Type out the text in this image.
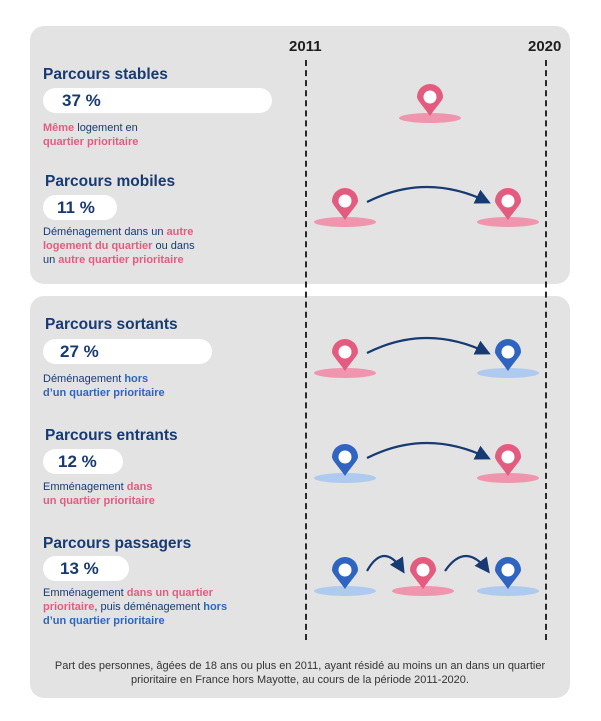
2011	2020
Parcours stables
37 %
Même logement en
quartier prioritaire
Parcours mobiles
11 %
Déménagement dans un autre
logement du quartier ou dans
un autre quartier prioritaire
Parcours sortants
27 %
Déménagement hors
d’un quartier prioritaire
Parcours entrants
12 %
Emménagement dans
un quartier prioritaire
Parcours passagers
13 %
Emménagement dans un quartier
prioritaire, puis déménagement hors
d’un quartier prioritaire
Part des personnes, âgées de 18 ans ou plus en 2011, ayant résidé au moins un an dans un quartier prioritaire en France hors Mayotte, au cours de la période 2011-2020.
